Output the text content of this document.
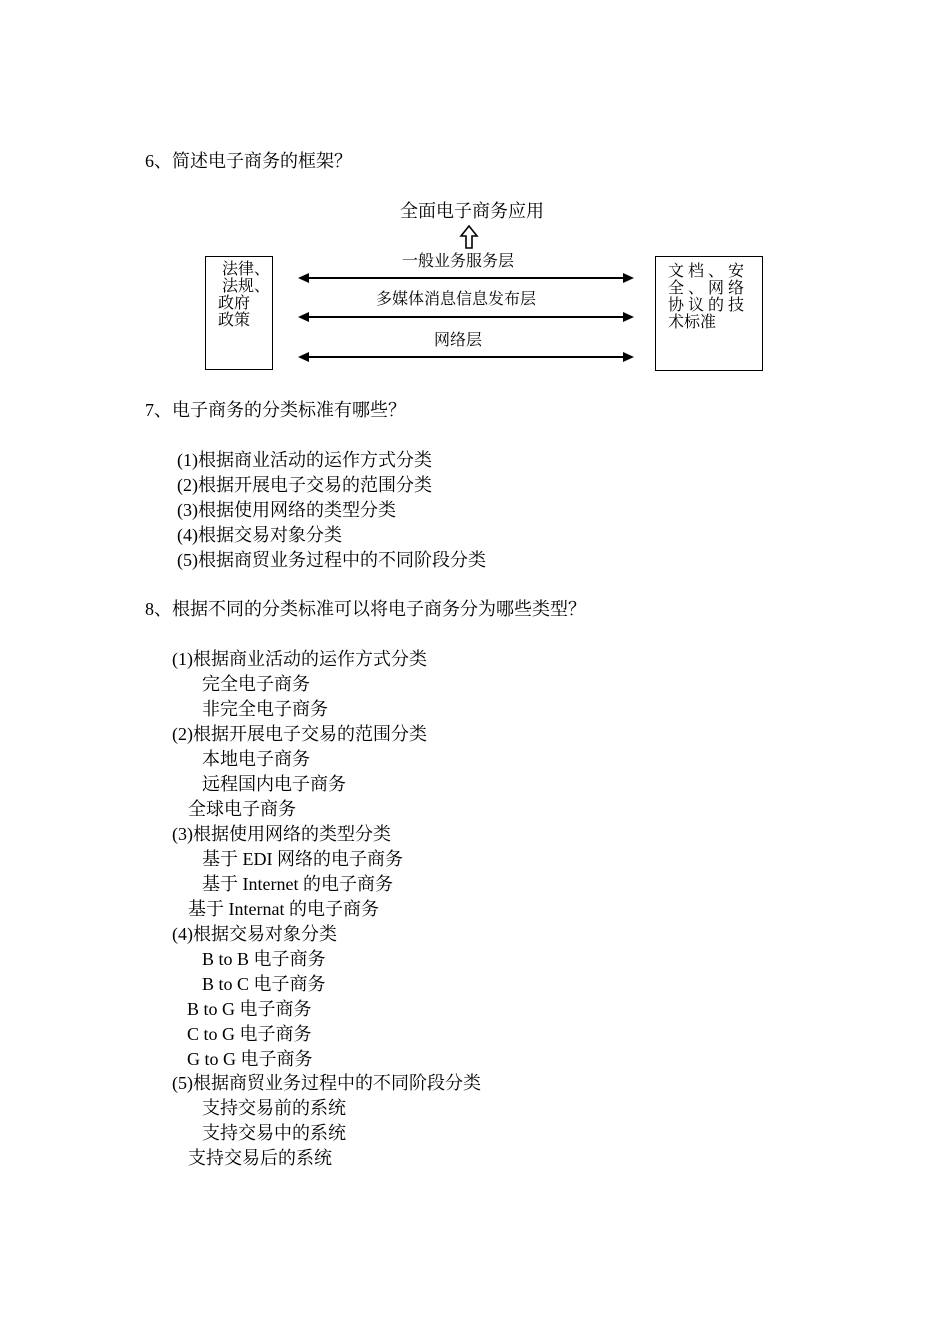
6、简述电子商务的框架？
全面电子商务应用
法律、
法规、
政府
政策
文 档 、 安
全 、 网 络
协 议 的 技
术标准
一般业务服务层
多媒体消息信息发布层
网络层
7、电子商务的分类标准有哪些？
(1)根据商业活动的运作方式分类
(2)根据开展电子交易的范围分类
(3)根据使用网络的类型分类
(4)根据交易对象分类
(5)根据商贸业务过程中的不同阶段分类
8、根据不同的分类标准可以将电子商务分为哪些类型？
(1)根据商业活动的运作方式分类
完全电子商务
非完全电子商务
(2)根据开展电子交易的范围分类
本地电子商务
远程国内电子商务
全球电子商务
(3)根据使用网络的类型分类
基于 EDI 网络的电子商务
基于 Internet 的电子商务
基于 Internat 的电子商务
(4)根据交易对象分类
B to B 电子商务
B to C 电子商务
B to G 电子商务
C to G 电子商务
G to G 电子商务
(5)根据商贸业务过程中的不同阶段分类
支持交易前的系统
支持交易中的系统
支持交易后的系统
